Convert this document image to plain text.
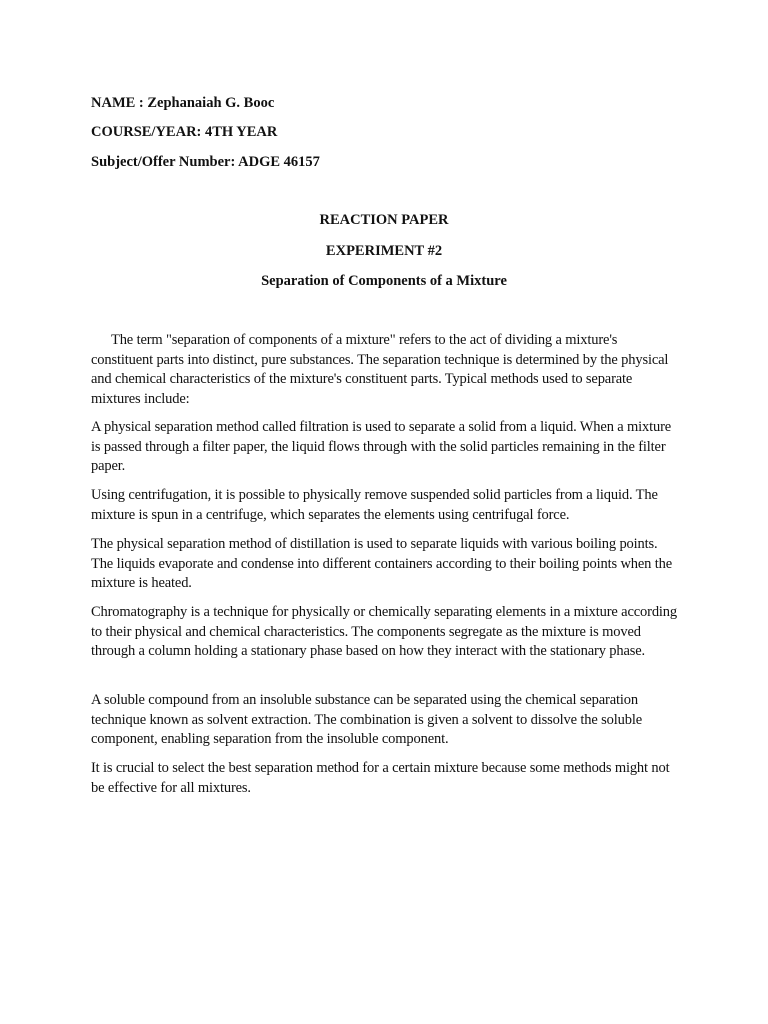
NAME : Zephanaiah G. Booc
COURSE/YEAR: 4TH YEAR
Subject/Offer Number: ADGE 46157
REACTION PAPER
EXPERIMENT #2
Separation of Components of a Mixture

The term "separation of components of a mixture" refers to the act of dividing a mixture's constituent parts into distinct, pure substances. The separation technique is determined by the physical and chemical characteristics of the mixture's constituent parts. Typical methods used to separate mixtures include:

A physical separation method called filtration is used to separate a solid from a liquid. When a mixture is passed through a filter paper, the liquid flows through with the solid particles remaining in the filter paper.

Using centrifugation, it is possible to physically remove suspended solid particles from a liquid. The mixture is spun in a centrifuge, which separates the elements using centrifugal force.

The physical separation method of distillation is used to separate liquids with various boiling points. The liquids evaporate and condense into different containers according to their boiling points when the mixture is heated.

Chromatography is a technique for physically or chemically separating elements in a mixture according to their physical and chemical characteristics. The components segregate as the mixture is moved through a column holding a stationary phase based on how they interact with the stationary phase.

A soluble compound from an insoluble substance can be separated using the chemical separation technique known as solvent extraction. The combination is given a solvent to dissolve the soluble component, enabling separation from the insoluble component.

It is crucial to select the best separation method for a certain mixture because some methods might not be effective for all mixtures.
